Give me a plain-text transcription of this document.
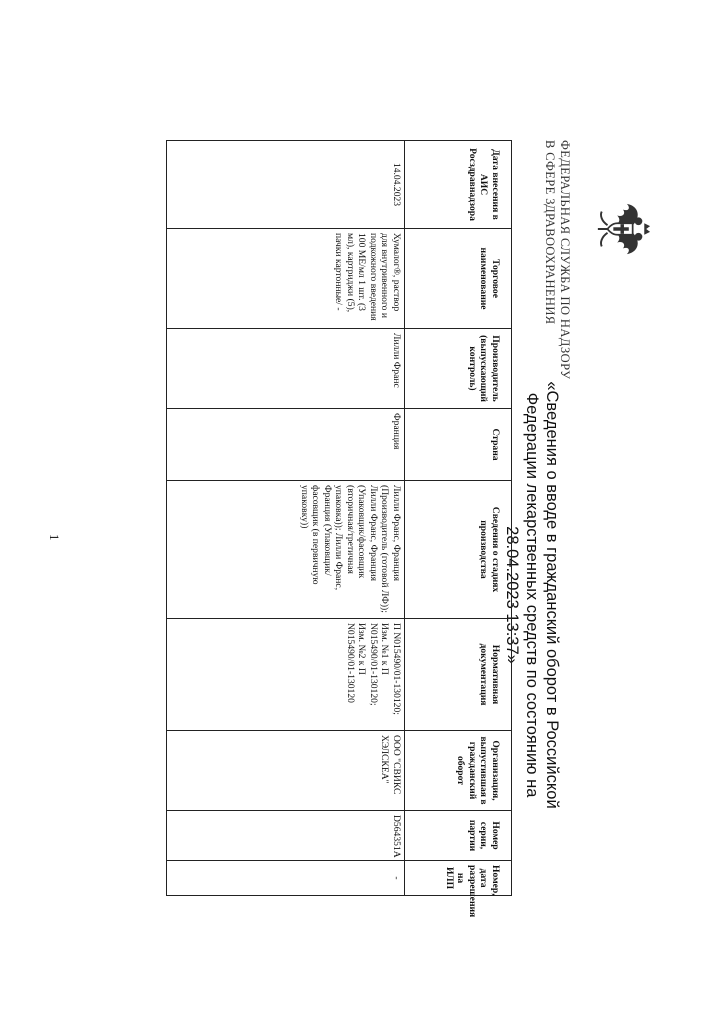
ФЕДЕРАЛЬНАЯ СЛУЖБА ПО НАДЗОРУ
В СФЕРЕ ЗДРАВООХРАНЕНИЯ
«Сведения о вводе в гражданский оборот в Российской Федерации лекарственных средств по состоянию на 28.04.2023 13:37»
Дата внесения в АИС Росздравнадзора	Торговое наименование	Производитель (выпускающий контроль)	Страна	Сведения о стадиях производства	Нормативная документация	Организация, выпустившая в гражданский оборот	Номер серии, партии	Номер, дата разрешения на ИЛП
14.04.2023	Хумалог®, раствор для внутривенного и подкожного введения 100 МЕ/мл 1 шт. (3 мл), картриджи (5), пачки картонные/ -	Лилли Франс	Франция	Лилли Франс, Франция (Производитель (готовой ЛФ)); Лилли Франс, Франция (Упаковщик/фасовщик (вторичная/третичная упаковка)); Лилли Франс, Франция (Упаковщик/фасовщик (в первичную упаковку))	П N015490/01-130120; Изм. №1 к П N015490/01-130120; Изм. №2 к П N015490/01-130120	ООО "СВИКС ХЭЛСКЕА"	D564351A	-
1
